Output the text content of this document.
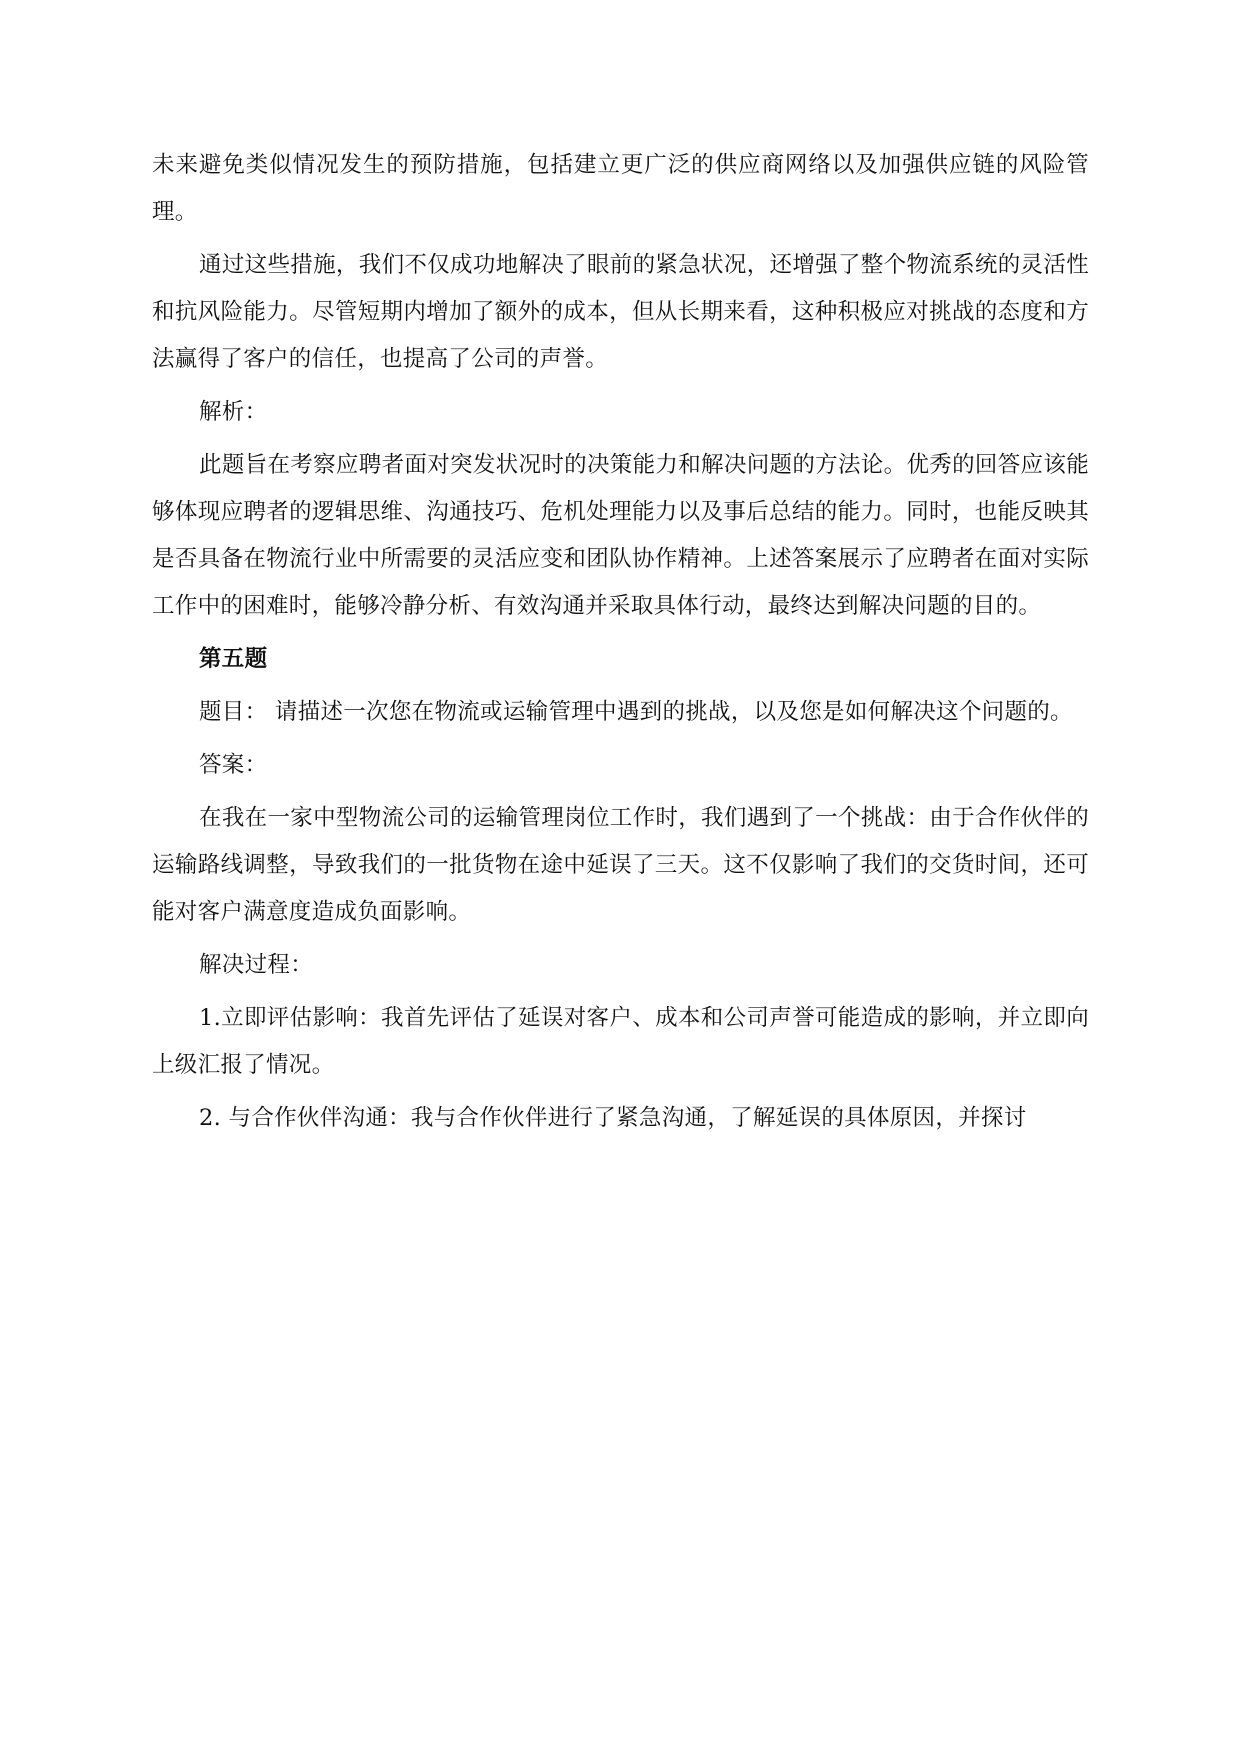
未来避免类似情况发生的预防措施，包括建立更广泛的供应商网络以及加强供应链的风险管理。

通过这些措施，我们不仅成功地解决了眼前的紧急状况，还增强了整个物流系统的灵活性和抗风险能力。尽管短期内增加了额外的成本，但从长期来看，这种积极应对挑战的态度和方法赢得了客户的信任，也提高了公司的声誉。

解析：

此题旨在考察应聘者面对突发状况时的决策能力和解决问题的方法论。优秀的回答应该能够体现应聘者的逻辑思维、沟通技巧、危机处理能力以及事后总结的能力。同时，也能反映其是否具备在物流行业中所需要的灵活应变和团队协作精神。上述答案展示了应聘者在面对实际工作中的困难时，能够冷静分析、有效沟通并采取具体行动，最终达到解决问题的目的。

第五题

题目： 请描述一次您在物流或运输管理中遇到的挑战，以及您是如何解决这个问题的。

答案：

在我在一家中型物流公司的运输管理岗位工作时，我们遇到了一个挑战：由于合作伙伴的运输路线调整，导致我们的一批货物在途中延误了三天。这不仅影响了我们的交货时间，还可能对客户满意度造成负面影响。

解决过程：

1.立即评估影响：我首先评估了延误对客户、成本和公司声誉可能造成的影响，并立即向上级汇报了情况。

2. 与合作伙伴沟通：我与合作伙伴进行了紧急沟通，了解延误的具体原因，并探讨
